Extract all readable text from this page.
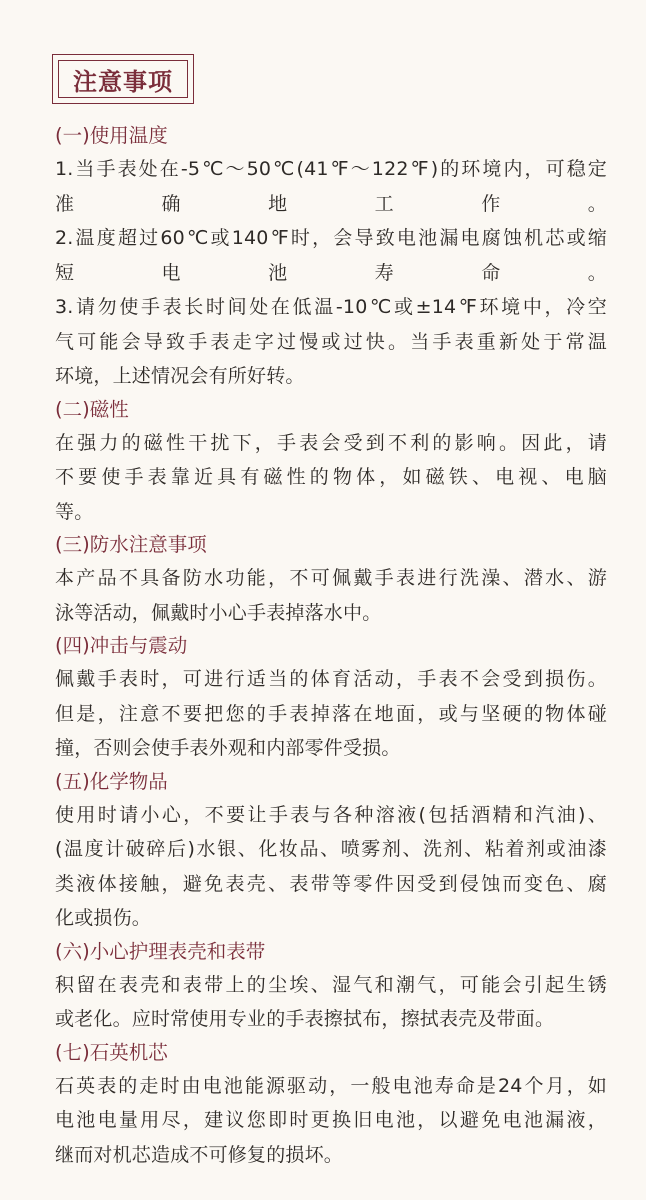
注意事项
(一)使用温度
1.当手表处在-5℃～50℃(41℉～122℉)的环境内，可稳定
准确地工作。
2.温度超过60℃或140℉时，会导致电池漏电腐蚀机芯或缩
短电池寿命。
3.请勿使手表长时间处在低温-10℃或±14℉环境中，冷空
气可能会导致手表走字过慢或过快。当手表重新处于常温
环境，上述情况会有所好转。
(二)磁性
在强力的磁性干扰下，手表会受到不利的影响。因此，请
不要使手表靠近具有磁性的物体，如磁铁、电视、电脑
等。
(三)防水注意事项
本产品不具备防水功能，不可佩戴手表进行洗澡、潜水、游
泳等活动，佩戴时小心手表掉落水中。
(四)冲击与震动
佩戴手表时，可进行适当的体育活动，手表不会受到损伤。
但是，注意不要把您的手表掉落在地面，或与坚硬的物体碰
撞，否则会使手表外观和内部零件受损。
(五)化学物品
使用时请小心，不要让手表与各种溶液(包括酒精和汽油)、
(温度计破碎后)水银、化妆品、喷雾剂、洗剂、粘着剂或油漆
类液体接触，避免表壳、表带等零件因受到侵蚀而变色、腐
化或损伤。
(六)小心护理表壳和表带
积留在表壳和表带上的尘埃、湿气和潮气，可能会引起生锈
或老化。应时常使用专业的手表擦拭布，擦拭表壳及带面。
(七)石英机芯
石英表的走时由电池能源驱动，一般电池寿命是24个月，如
电池电量用尽，建议您即时更换旧电池，以避免电池漏液，
继而对机芯造成不可修复的损坏。
